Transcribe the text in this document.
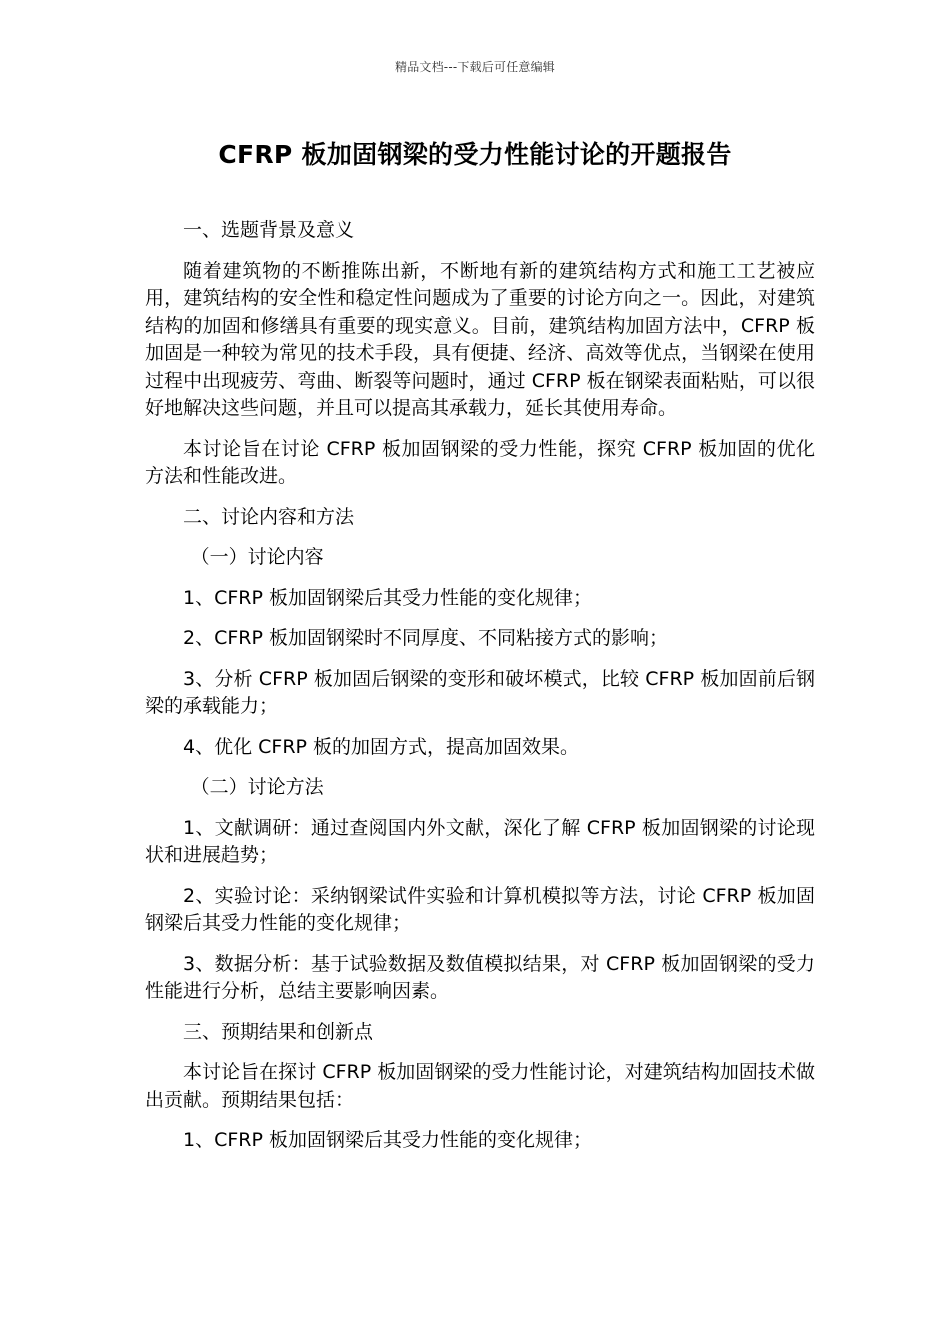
精品文档---下载后可任意编辑
CFRP 板加固钢梁的受力性能讨论的开题报告

一、选题背景及意义

随着建筑物的不断推陈出新，不断地有新的建筑结构方式和施工工艺被应用，建筑结构的安全性和稳定性问题成为了重要的讨论方向之一。因此，对建筑结构的加固和修缮具有重要的现实意义。目前，建筑结构加固方法中，CFRP 板加固是一种较为常见的技术手段，具有便捷、经济、高效等优点，当钢梁在使用过程中出现疲劳、弯曲、断裂等问题时，通过 CFRP 板在钢梁表面粘贴，可以很好地解决这些问题，并且可以提高其承载力，延长其使用寿命。

本讨论旨在讨论 CFRP 板加固钢梁的受力性能，探究 CFRP 板加固的优化方法和性能改进。

二、讨论内容和方法

（一）讨论内容

1、CFRP 板加固钢梁后其受力性能的变化规律；

2、CFRP 板加固钢梁时不同厚度、不同粘接方式的影响；

3、分析 CFRP 板加固后钢梁的变形和破坏模式，比较 CFRP 板加固前后钢梁的承载能力；

4、优化 CFRP 板的加固方式，提高加固效果。

（二）讨论方法

1、文献调研：通过查阅国内外文献，深化了解 CFRP 板加固钢梁的讨论现状和进展趋势；

2、实验讨论：采纳钢梁试件实验和计算机模拟等方法，讨论 CFRP 板加固钢梁后其受力性能的变化规律；

3、数据分析：基于试验数据及数值模拟结果，对 CFRP 板加固钢梁的受力性能进行分析，总结主要影响因素。

三、预期结果和创新点

本讨论旨在探讨 CFRP 板加固钢梁的受力性能讨论，对建筑结构加固技术做出贡献。预期结果包括：

1、CFRP 板加固钢梁后其受力性能的变化规律；
